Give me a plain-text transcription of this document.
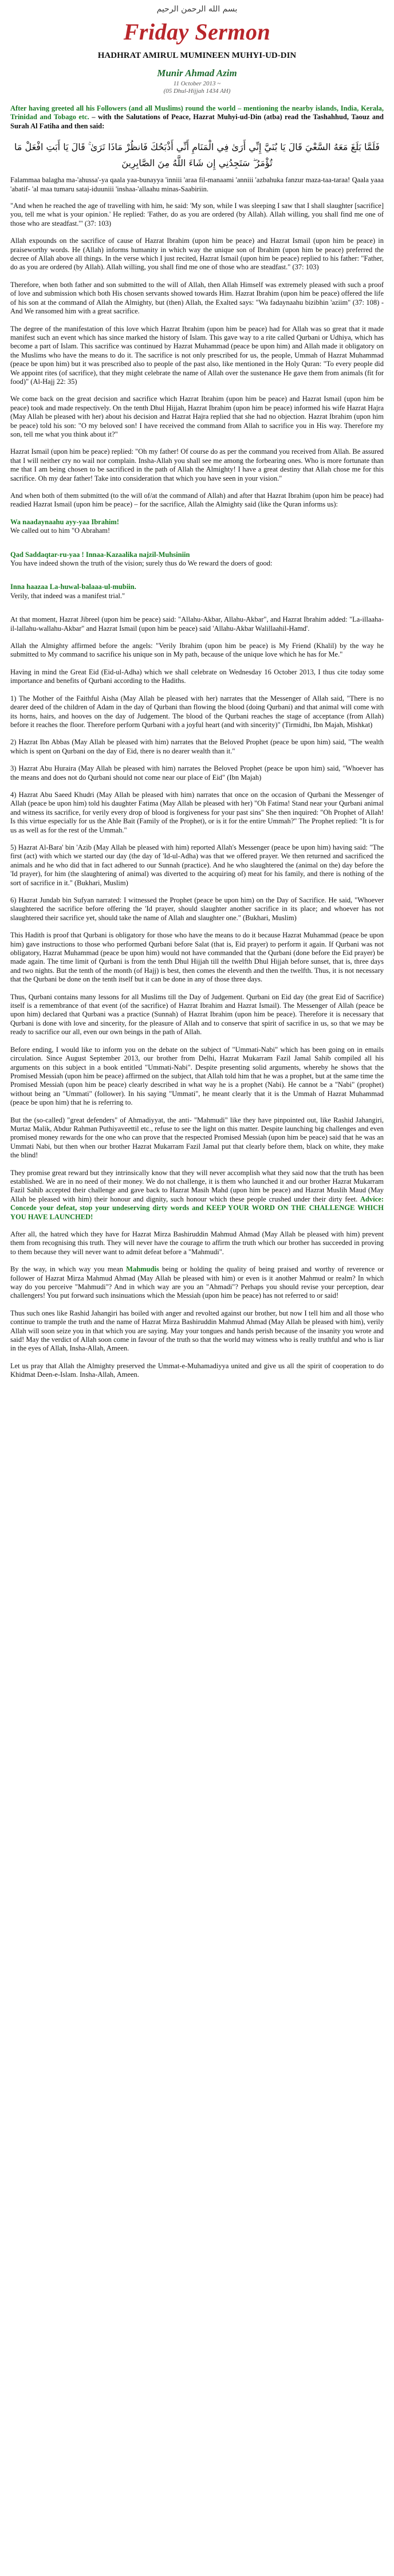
بسم الله الرحمن الرحيم
Friday Sermon
HADHRAT AMIRUL MUMINEEN MUHYI-UD-DIN
Munir Ahmad Azim
11 October 2013 ~
(05 Dhul-Hijjah 1434 AH)

After having greeted all his Followers (and all Muslims) round the world – mentioning the nearby islands, India, Kerala, Trinidad and Tobago etc. – with the Salutations of Peace, Hazrat Muhyi-ud-Din (atba) read the Tashahhud, Taouz and Surah Al Fatiha and then said:

فَلَمَّا بَلَغَ مَعَهُ السَّعْيَ قَالَ يَا بُنَيَّ إِنِّي أَرَىٰ فِي الْمَنَامِ أَنِّي أَذْبَحُكَ فَانظُرْ مَاذَا تَرَىٰ ۚ قَالَ يَا أَبَتِ افْعَلْ مَا تُؤْمَرُ ۖ سَتَجِدُنِي إِن شَاءَ اللَّهُ مِنَ الصَّابِرِينَ
Falammaa balagha ma-'ahussa'-ya qaala yaa-bunayya 'inniii 'araa fil-manaami 'anniii 'azbahuka fanzur maza-taa-taraa! Qaala yaaa 'abatif- 'al maa tumaru sataj-iduuniii 'inshaa-'allaahu minas-Saabiriin.

"And when he reached the age of travelling with him, he said: 'My son, while I was sleeping I saw that I shall slaughter [sacrifice] you, tell me what is your opinion.' He replied: 'Father, do as you are ordered (by Allah). Allah willing, you shall find me one of those who are steadfast.'" (37: 103)

Allah expounds on the sacrifice of cause of Hazrat Ibrahim (upon him be peace) and Hazrat Ismail (upon him be peace) in praiseworthy words. He (Allah) informs humanity in which way the unique son of Ibrahim (upon him be peace) preferred the decree of Allah above all things. In the verse which I just recited, Hazrat Ismail (upon him be peace) replied to his father: "Father, do as you are ordered (by Allah). Allah willing, you shall find me one of those who are steadfast." (37: 103)

Therefore, when both father and son submitted to the will of Allah, then Allah Himself was extremely pleased with such a proof of love and submission which both His chosen servants showed towards Him. Hazrat Ibrahim (upon him be peace) offered the life of his son at the command of Allah the Almighty, but (then) Allah, the Exalted says: "Wa fadaynaahu bizibhin 'aziim" (37: 108) - And We ransomed him with a great sacrifice.

The degree of the manifestation of this love which Hazrat Ibrahim (upon him be peace) had for Allah was so great that it made manifest such an event which has since marked the history of Islam. This gave way to a rite called Qurbani or Udhiya, which has become a part of Islam. This sacrifice was continued by Hazrat Muhammad (peace be upon him) and Allah made it obligatory on the Muslims who have the means to do it. The sacrifice is not only prescribed for us, the people, Ummah of Hazrat Muhammad (peace be upon him) but it was prescribed also to people of the past also, like mentioned in the Holy Quran: "To every people did We appoint rites (of sacrifice), that they might celebrate the name of Allah over the sustenance He gave them from animals (fit for food)" (Al-Hajj 22: 35)

We come back on the great decision and sacrifice which Hazrat Ibrahim (upon him be peace) and Hazrat Ismail (upon him be peace) took and made respectively. On the tenth Dhul Hijjah, Hazrat Ibrahim (upon him be peace) informed his wife Hazrat Hajra (May Allah be pleased with her) about his decision and Hazrat Hajra replied that she had no objection. Hazrat Ibrahim (upon him be peace) told his son: "O my beloved son! I have received the command from Allah to sacrifice you in His way. Therefore my son, tell me what you think about it?"

Hazrat Ismail (upon him be peace) replied: "Oh my father! Of course do as per the command you received from Allah. Be assured that I will neither cry no wail nor complain. Insha-Allah you shall see me among the forbearing ones. Who is more fortunate than me that I am being chosen to be sacrificed in the path of Allah the Almighty! I have a great destiny that Allah chose me for this sacrifice. Oh my dear father! Take into consideration that which you have seen in your vision."

And when both of them submitted (to the will of/at the command of Allah) and after that Hazrat Ibrahim (upon him be peace) had readied Hazrat Ismail (upon him be peace) – for the sacrifice, Allah the Almighty said (like the Quran informs us):

Wa naadaynaahu ayy-yaa Ibrahim!

We called out to him "O Abraham!

Qad Saddaqtar-ru-yaa ! Innaa-Kazaalika najzil-Muhsiniin

You have indeed shown the truth of the vision; surely thus do We reward the doers of good:

Inna haazaa La-huwal-balaaa-ul-mubiin.

Verily, that indeed was a manifest trial."

At that moment, Hazrat Jibreel (upon him be peace) said: "Allahu-Akbar, Allahu-Akbar", and Hazrat Ibrahim added: "La-illaaha-il-lallahu-wallahu-Akbar" and Hazrat Ismail (upon him be peace) said 'Allahu-Akbar Walillaahil-Hamd'.

Allah the Almighty affirmed before the angels: "Verily Ibrahim (upon him be peace) is My Friend (Khalil) by the way he submitted to My command to sacrifice his unique son in My path, because of the unique love which he has for Me."

Having in mind the Great Eid (Eid-ul-Adha) which we shall celebrate on Wednesday 16 October 2013, I thus cite today some importance and benefits of Qurbani according to the Hadiths.

1) The Mother of the Faithful Aisha (May Allah be pleased with her) narrates that the Messenger of Allah said, "There is no dearer deed of the children of Adam in the day of Qurbani than flowing the blood (doing Qurbani) and that animal will come with its horns, hairs, and hooves on the day of Judgement. The blood of the Qurbani reaches the stage of acceptance (from Allah) before it reaches the floor. Therefore perform Qurbani with a joyful heart (and with sincerity)" (Tirmidhi, Ibn Majah, Mishkat)

2) Hazrat Ibn Abbas (May Allah be pleased with him) narrates that the Beloved Prophet (peace be upon him) said, "The wealth which is spent on Qurbani on the day of Eid, there is no dearer wealth than it."

3) Hazrat Abu Huraira (May Allah be pleased with him) narrates the Beloved Prophet (peace be upon him) said, "Whoever has the means and does not do Qurbani should not come near our place of Eid" (Ibn Majah)

4) Hazrat Abu Saeed Khudri (May Allah be pleased with him) narrates that once on the occasion of Qurbani the Messenger of Allah (peace be upon him) told his daughter Fatima (May Allah be pleased with her) "Oh Fatima! Stand near your Qurbani animal and witness its sacrifice, for verily every drop of blood is forgiveness for your past sins" She then inquired: "Oh Prophet of Allah! Is this virtue especially for us the Ahle Bait (Family of the Prophet), or is it for the entire Ummah?" The Prophet replied: "It is for us as well as for the rest of the Ummah."

5) Hazrat Al-Bara' bin 'Azib (May Allah be pleased with him) reported Allah's Messenger (peace be upon him) having said: "The first (act) with which we started our day (the day of 'Id-ul-Adha) was that we offered prayer. We then returned and sacrificed the animals and he who did that in fact adhered to our Sunnah (practice). And he who slaughtered the (animal on the) day before the 'Id prayer), for him (the slaughtering of animal) was diverted to the acquiring of) meat for his family, and there is nothing of the sort of sacrifice in it." (Bukhari, Muslim)

6) Hazrat Jundab bin Sufyan narrated: I witnessed the Prophet (peace be upon him) on the Day of Sacrifice. He said, "Whoever slaughtered the sacrifice before offering the 'Id prayer, should slaughter another sacrifice in its place; and whoever has not slaughtered their sacrifice yet, should take the name of Allah and slaughter one." (Bukhari, Muslim)

This Hadith is proof that Qurbani is obligatory for those who have the means to do it because Hazrat Muhammad (peace be upon him) gave instructions to those who performed Qurbani before Salat (that is, Eid prayer) to perform it again. If Qurbani was not obligatory, Hazrat Muhammad (peace be upon him) would not have commanded that the Qurbani (done before the Eid prayer) be made again. The time limit of Qurbani is from the tenth Dhul Hijjah till the twelfth Dhul Hijjah before sunset, that is, three days and two nights. But the tenth of the month (of Hajj) is best, then comes the eleventh and then the twelfth. Thus, it is not necessary that the Qurbani be done on the tenth itself but it can be done in any of those three days.

Thus, Qurbani contains many lessons for all Muslims till the Day of Judgement. Qurbani on Eid day (the great Eid of Sacrifice) itself is a remembrance of that event (of the sacrifice) of Hazrat Ibrahim and Hazrat Ismail). The Messenger of Allah (peace be upon him) declared that Qurbani was a practice (Sunnah) of Hazrat Ibrahim (upon him be peace). Therefore it is necessary that Qurbani is done with love and sincerity, for the pleasure of Allah and to conserve that spirit of sacrifice in us, so that we may be ready to sacrifice our all, even our own beings in the path of Allah.

Before ending, I would like to inform you on the debate on the subject of "Ummati-Nabi" which has been going on in emails circulation. Since August September 2013, our brother from Delhi, Hazrat Mukarram Fazil Jamal Sahib compiled all his arguments on this subject in a book entitled "Ummati-Nabi". Despite presenting solid arguments, whereby he shows that the Promised Messiah (upon him be peace) affirmed on the subject, that Allah told him that he was a prophet, but at the same time the Promised Messiah (upon him be peace) clearly described in what way he is a prophet (Nabi). He cannot be a "Nabi" (prophet) without being an "Ummati" (follower). In his saying "Ummati", he meant clearly that it is the Ummah of Hazrat Muhammad (peace be upon him) that he is referring to.

But the (so-called) "great defenders" of Ahmadiyyat, the anti- "Mahmudi" like they have pinpointed out, like Rashid Jahangiri, Murtaz Malik, Abdur Rahman Puthiyaveettil etc., refuse to see the light on this matter. Despite launching big challenges and even promised money rewards for the one who can prove that the respected Promised Messiah (upon him be peace) said that he was an Ummati Nabi, but then when our brother Hazrat Mukarram Fazil Jamal put that clearly before them, black on white, they make the blind!

They promise great reward but they intrinsically know that they will never accomplish what they said now that the truth has been established. We are in no need of their money. We do not challenge, it is them who launched it and our brother Hazrat Mukarram Fazil Sahib accepted their challenge and gave back to Hazrat Masih Mahd (upon him be peace) and Hazrat Muslih Maud (May Allah be pleased with him) their honour and dignity, such honour which these people crushed under their dirty feet. Advice: Concede your defeat, stop your undeserving dirty words and KEEP YOUR WORD ON THE CHALLENGE WHICH YOU HAVE LAUNCHED!

After all, the hatred which they have for Hazrat Mirza Bashiruddin Mahmud Ahmad (May Allah be pleased with him) prevent them from recognising this truth. They will never have the courage to affirm the truth which our brother has succeeded in proving to them because they will never want to admit defeat before a "Mahmudi".

By the way, in which way you mean Mahmudis being or holding the quality of being praised and worthy of reverence or follower of Hazrat Mirza Mahmud Ahmad (May Allah be pleased with him) or even is it another Mahmud or realm? In which way do you perceive "Mahmudi"? And in which way are you an "Ahmadi"? Perhaps you should revise your perception, dear challengers! You put forward such insinuations which the Messiah (upon him be peace) has not referred to or said!

Thus such ones like Rashid Jahangiri has boiled with anger and revolted against our brother, but now I tell him and all those who continue to trample the truth and the name of Hazrat Mirza Bashiruddin Mahmud Ahmad (May Allah be pleased with him), verily Allah will soon seize you in that which you are saying. May your tongues and hands perish because of the insanity you wrote and said! May the verdict of Allah soon come in favour of the truth so that the world may witness who is really truthful and who is liar in the eyes of Allah, Insha-Allah, Ameen.

Let us pray that Allah the Almighty preserved the Ummat-e-Muhamadiyya united and give us all the spirit of cooperation to do Khidmat Deen-e-Islam. Insha-Allah, Ameen.
